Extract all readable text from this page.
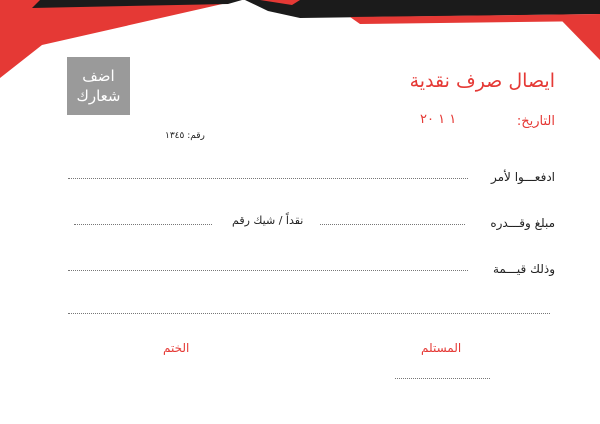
اضف
شعارك
ايصال صرف نقدية
التاريخ:
١ ١ ٢٠
رقم: ١٣٤٥
ادفعـــوا لأمر
مبلغ وقـــدره
نقداً / شيك رقم
وذلك قيـــمة
المستلم
الختم
